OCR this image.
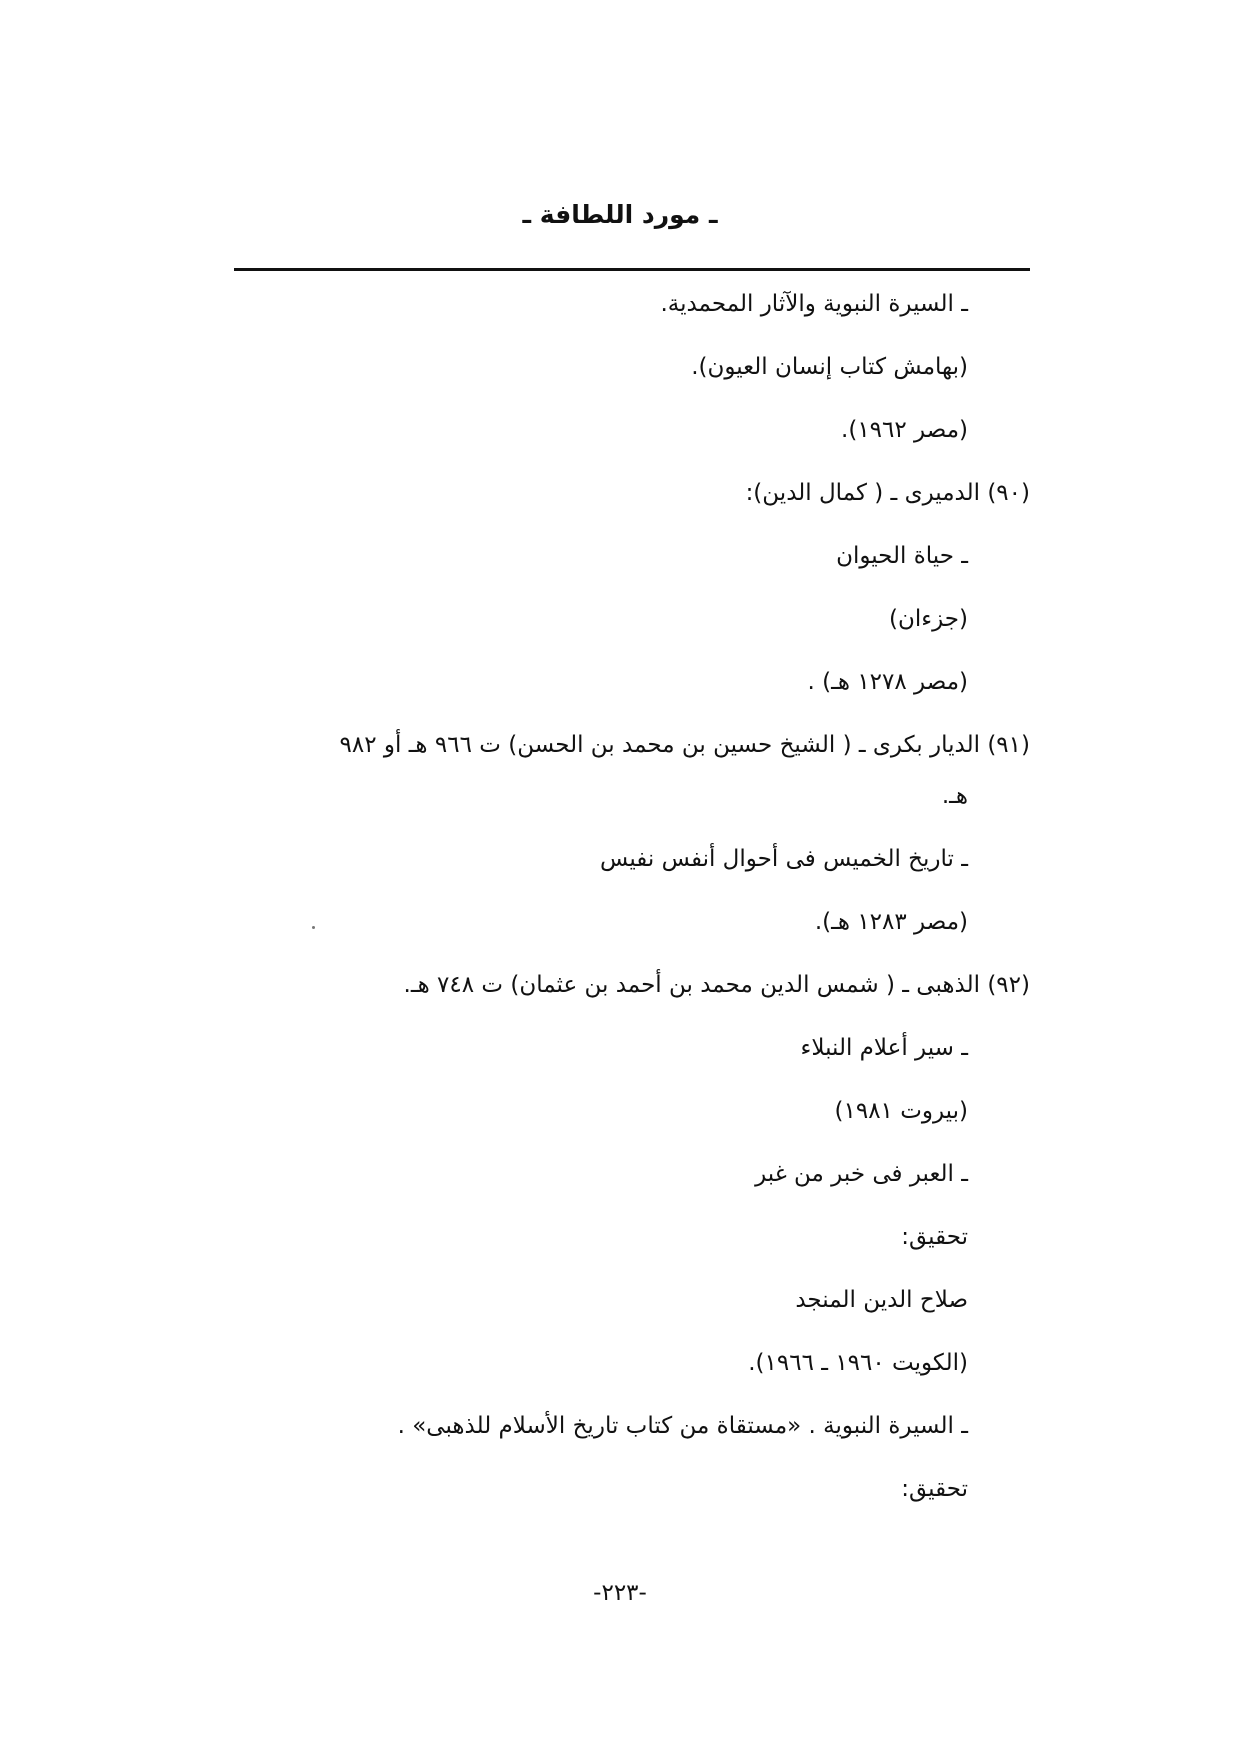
ـ مورد اللطافة ـ
ـ السيرة النبوية والآثار المحمدية.
(بهامش كتاب إنسان العيون).
(مصر ١٩٦٢).
(٩٠) الدميرى ـ ( كمال الدين):
ـ حياة الحيوان
(جزءان)
(مصر ١٢٧٨ هـ) .
(٩١) الديار بكرى ـ ( الشيخ حسين بن محمد بن الحسن) ت ٩٦٦ هـ أو ٩٨٢
هـ.
ـ تاريخ الخميس فى أحوال أنفس نفيس
(مصر ١٢٨٣ هـ).
(٩٢) الذهبى ـ ( شمس الدين محمد بن أحمد بن عثمان) ت ٧٤٨ هـ.
ـ سير أعلام النبلاء
(بيروت ١٩٨١)
ـ العبر فى خبر من غبر
تحقيق:
صلاح الدين المنجد
(الكويت ١٩٦٠ ـ ١٩٦٦).
ـ السيرة النبوية . «مستقاة من كتاب تاريخ الأسلام للذهبى» .
تحقيق:
-٢٢٣-
